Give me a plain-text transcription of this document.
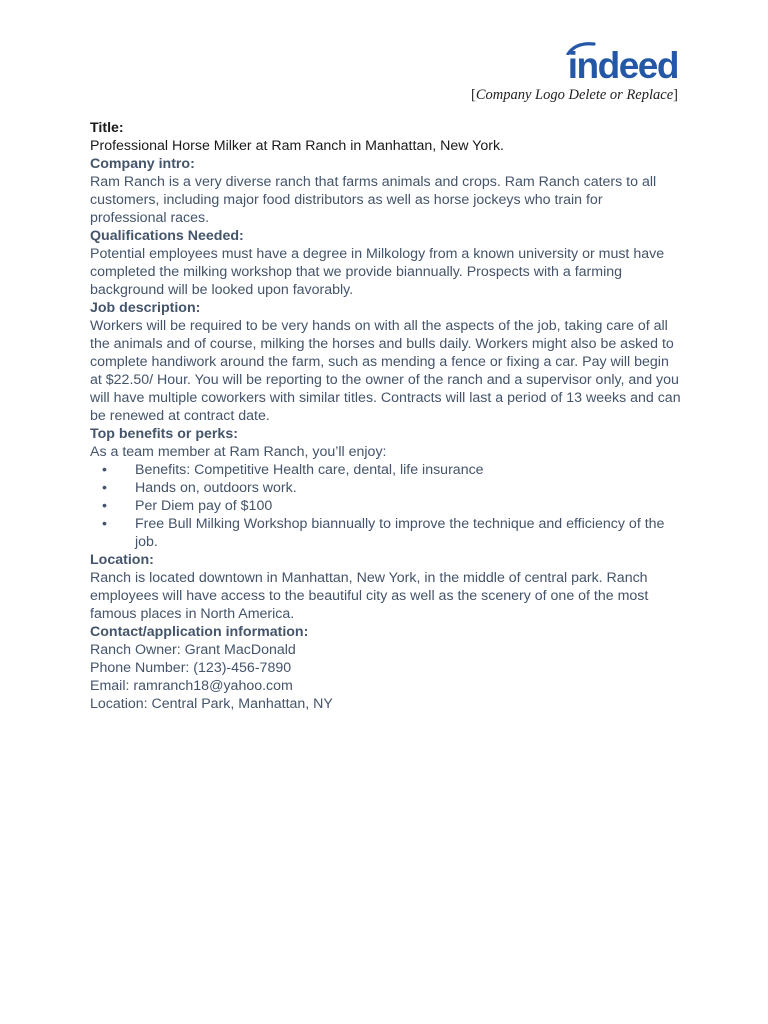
indeed
[Company Logo Delete or Replace]

Title:

Professional Horse Milker at Ram Ranch in Manhattan, New York.

Company intro:

Ram Ranch is a very diverse ranch that farms animals and crops. Ram Ranch caters to all customers, including major food distributors as well as horse jockeys who train for professional races.

Qualifications Needed:

Potential employees must have a degree in Milkology from a known university or must have completed the milking workshop that we provide biannually. Prospects with a farming background will be looked upon favorably.

Job description:

Workers will be required to be very hands on with all the aspects of the job, taking care of all the animals and of course, milking the horses and bulls daily. Workers might also be asked to complete handiwork around the farm, such as mending a fence or fixing a car. Pay will begin at $22.50/ Hour. You will be reporting to the owner of the ranch and a supervisor only, and you will have multiple coworkers with similar titles. Contracts will last a period of 13 weeks and can be renewed at contract date.

Top benefits or perks:

As a team member at Ram Ranch, you’ll enjoy:

• Benefits: Competitive Health care, dental, life insurance
• Hands on, outdoors work.
• Per Diem pay of $100
• Free Bull Milking Workshop biannually to improve the technique and efficiency of the job.

Location:

Ranch is located downtown in Manhattan, New York, in the middle of central park. Ranch employees will have access to the beautiful city as well as the scenery of one of the most famous places in North America.

Contact/application information:

Ranch Owner: Grant MacDonald
Phone Number: (123)-456-7890
Email: ramranch18@yahoo.com
Location: Central Park, Manhattan, NY
